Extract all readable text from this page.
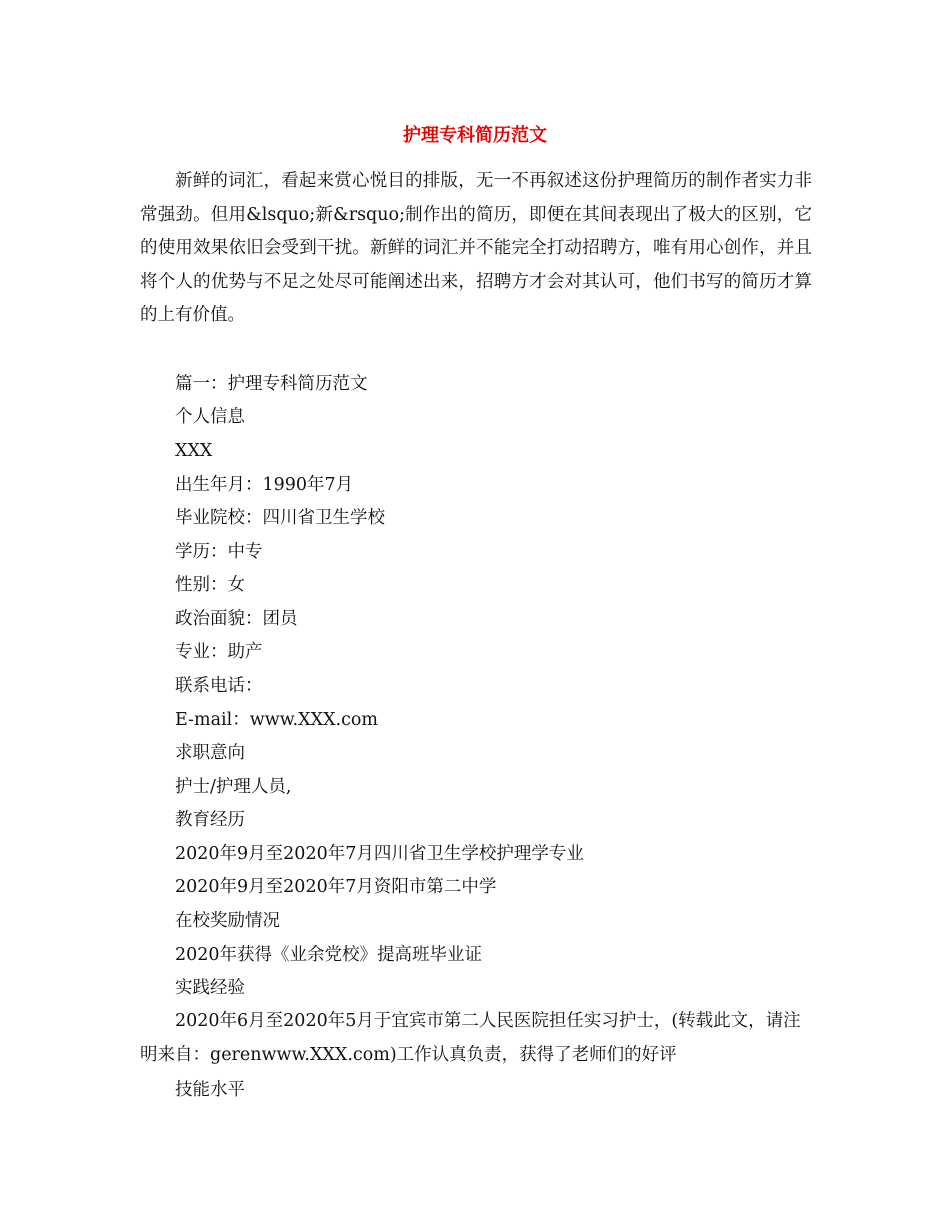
护理专科简历范文

新鲜的词汇，看起来赏心悦目的排版，无一不再叙述这份护理简历的制作者实力非常强劲。但用&lsquo;新&rsquo;制作出的简历，即便在其间表现出了极大的区别，它的使用效果依旧会受到干扰。新鲜的词汇并不能完全打动招聘方，唯有用心创作，并且将个人的优势与不足之处尽可能阐述出来，招聘方才会对其认可，他们书写的简历才算的上有价值。

篇一：护理专科简历范文

个人信息

XXX

出生年月：1990年7月

毕业院校：四川省卫生学校

学历：中专

性别：女

政治面貌：团员

专业：助产

联系电话：

E-mail：www.XXX.com

求职意向

护士/护理人员,

教育经历

2020年9月至2020年7月四川省卫生学校护理学专业

2020年9月至2020年7月资阳市第二中学

在校奖励情况

2020年获得《业余党校》提高班毕业证

实践经验

2020年6月至2020年5月于宜宾市第二人民医院担任实习护士，(转载此文，请注明来自：gerenwww.XXX.com)工作认真负责，获得了老师们的好评

技能水平
